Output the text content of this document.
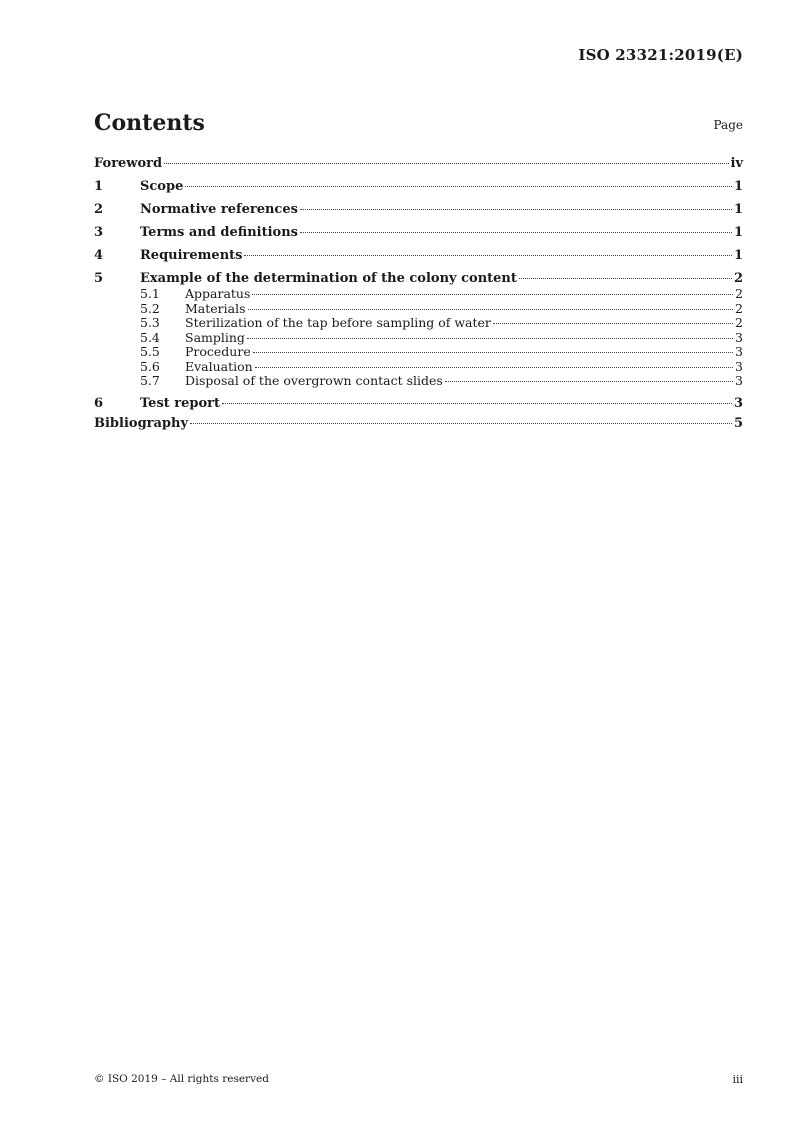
ISO 23321:2019(E)
Contents	Page
Foreword	iv
1	Scope	1
2	Normative references	1
3	Terms and definitions	1
4	Requirements	1
5	Example of the determination of the colony content	2
5.1	Apparatus	2
5.2	Materials	2
5.3	Sterilization of the tap before sampling of water	2
5.4	Sampling	3
5.5	Procedure	3
5.6	Evaluation	3
5.7	Disposal of the overgrown contact slides	3
6	Test report	3
Bibliography	5
© ISO 2019 – All rights reserved	iii
